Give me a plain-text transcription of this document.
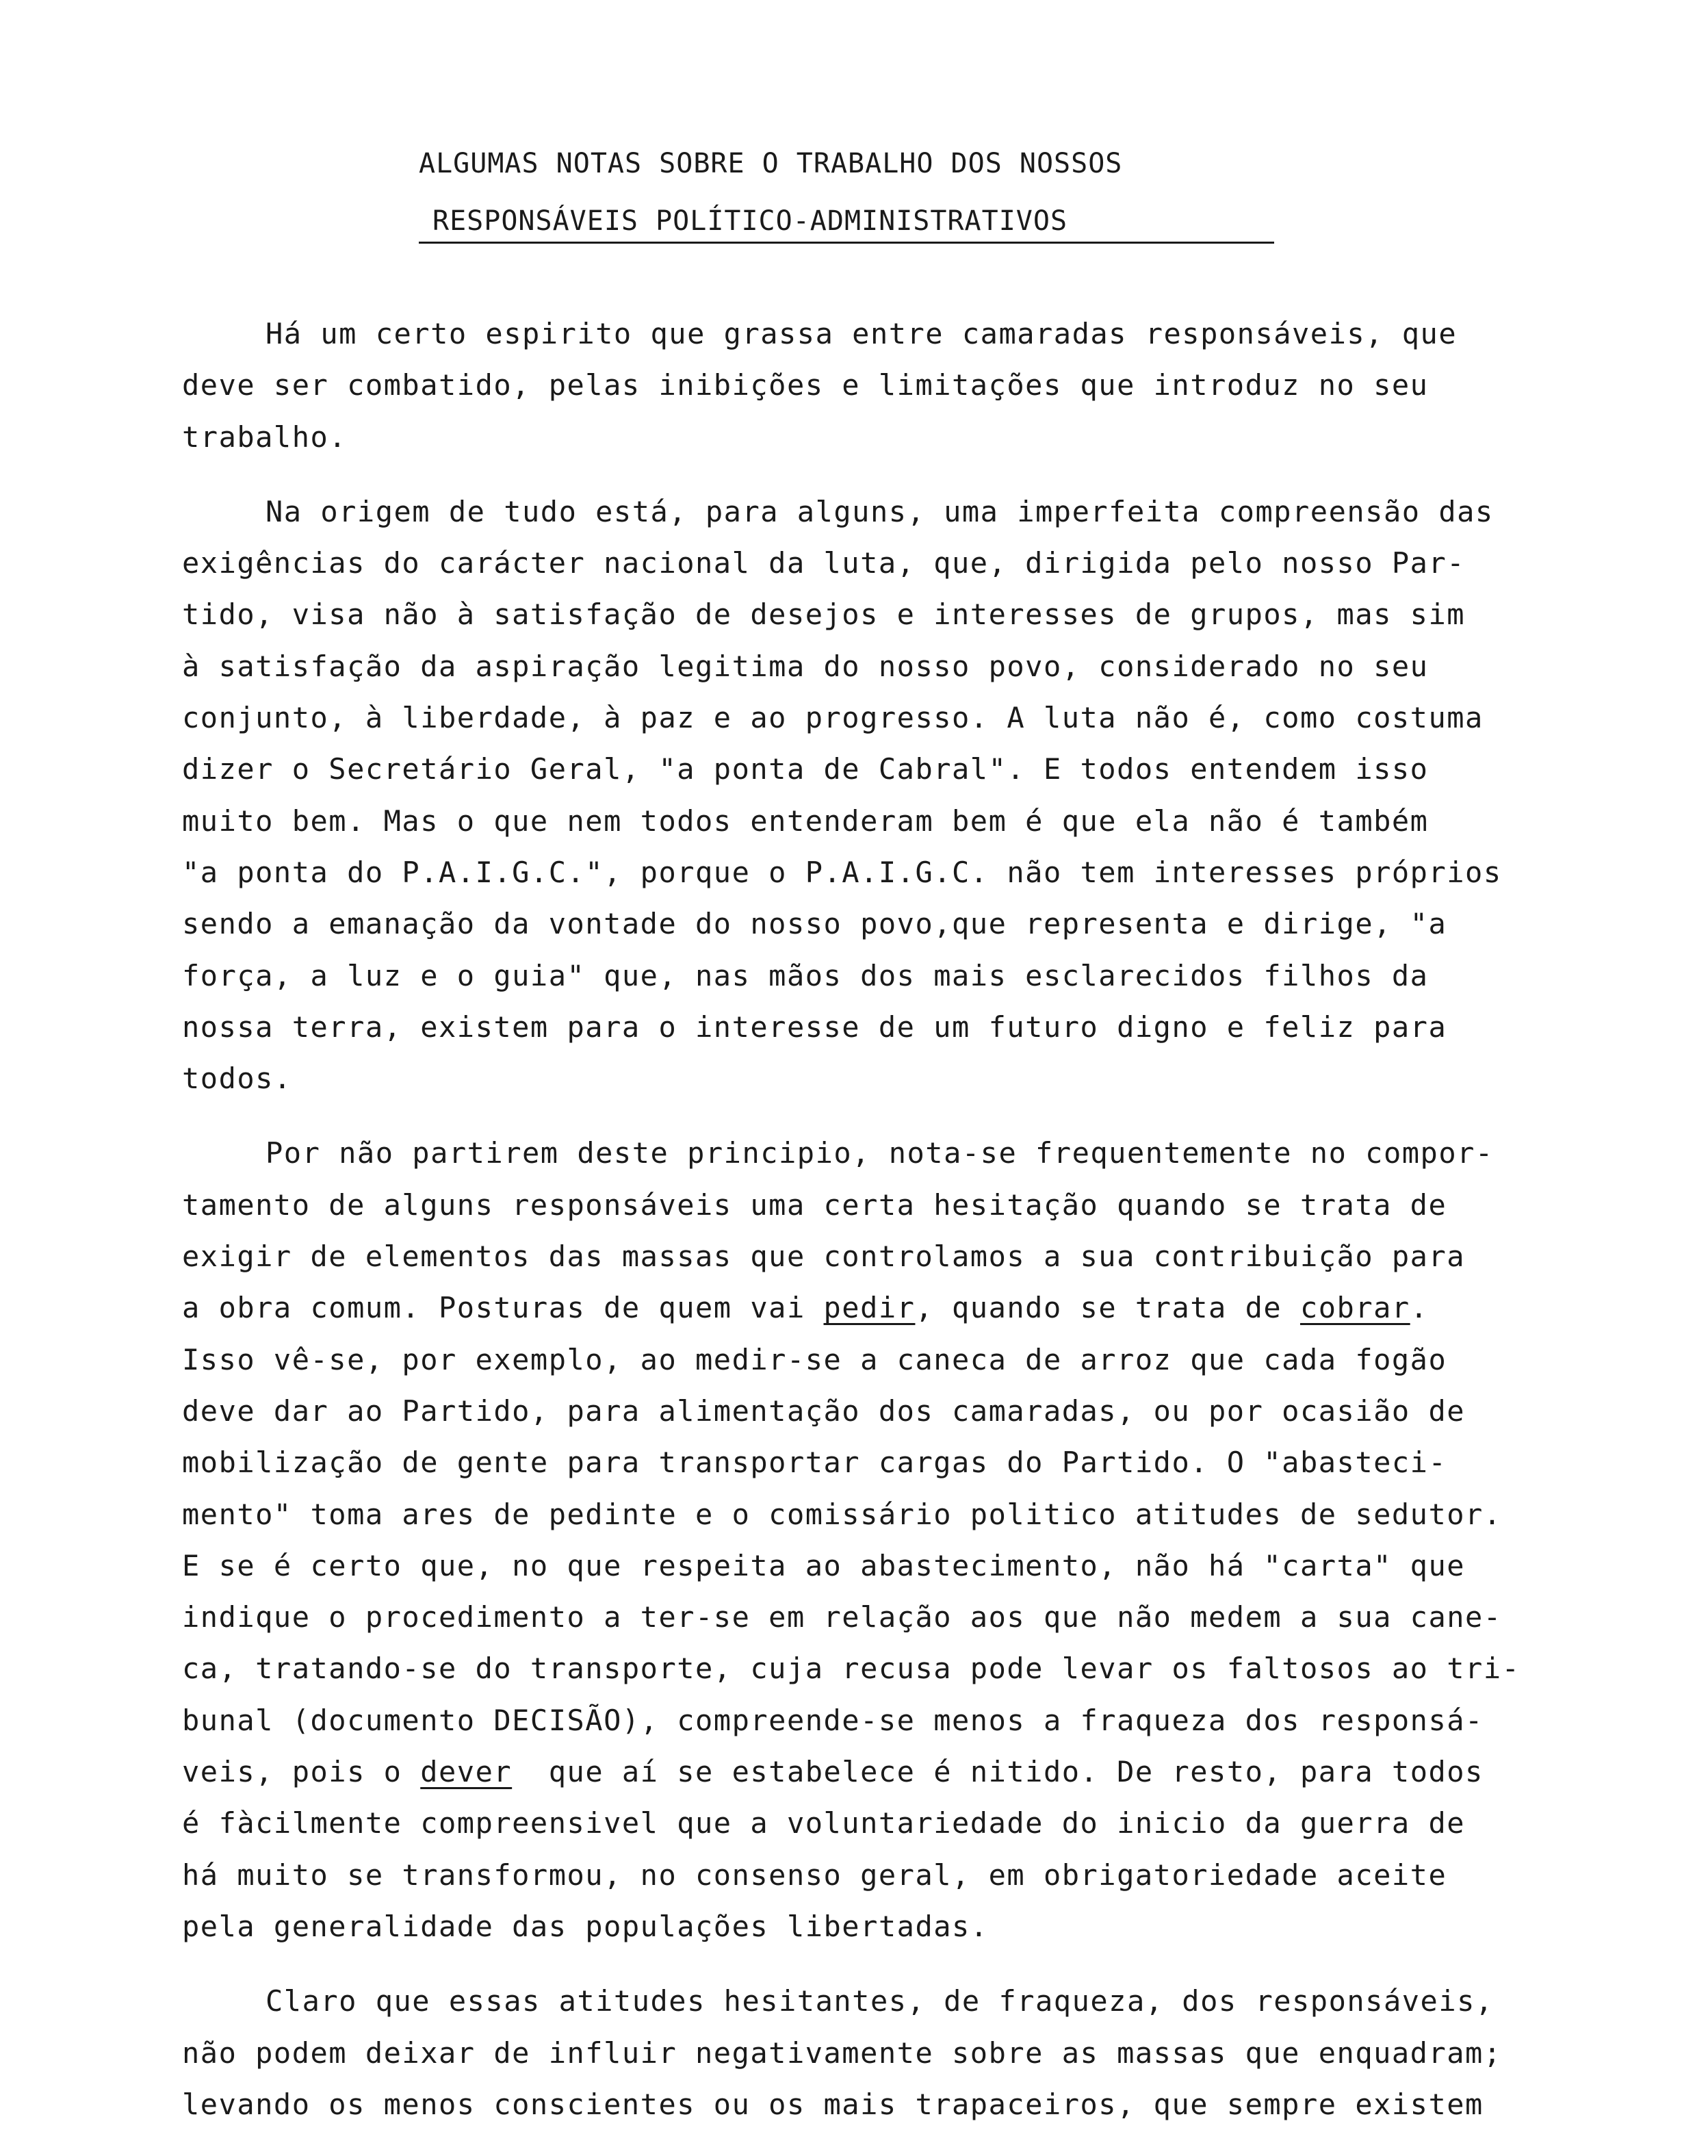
ALGUMAS NOTAS SOBRE O TRABALHO DOS NOSSOS
RESPONSÁVEIS POLÍTICO-ADMINISTRATIVOS
Há um certo espirito que grassa entre camaradas responsáveis, que
deve ser combatido, pelas inibições e limitações que introduz no seu
trabalho.
Na origem de tudo está, para alguns, uma imperfeita compreensão das
exigências do carácter nacional da luta, que, dirigida pelo nosso Par-
tido, visa não à satisfação de desejos e interesses de grupos, mas sim
à satisfação da aspiração legitima do nosso povo, considerado no seu
conjunto, à liberdade, à paz e ao progresso. A luta não é, como costuma
dizer o Secretário Geral, "a ponta de Cabral". E todos entendem isso
muito bem. Mas o que nem todos entenderam bem é que ela não é também
"a ponta do P.A.I.G.C.", porque o P.A.I.G.C. não tem interesses próprios
sendo a emanação da vontade do nosso povo,que representa e dirige, "a
força, a luz e o guia" que, nas mãos dos mais esclarecidos filhos da
nossa terra, existem para o interesse de um futuro digno e feliz para
todos.
Por não partirem deste principio, nota-se frequentemente no compor-
tamento de alguns responsáveis uma certa hesitação quando se trata de
exigir de elementos das massas que controlamos a sua contribuição para
a obra comum. Posturas de quem vai pedir, quando se trata de cobrar.
Isso vê-se, por exemplo, ao medir-se a caneca de arroz que cada fogão
deve dar ao Partido, para alimentação dos camaradas, ou por ocasião de
mobilização de gente para transportar cargas do Partido. O "abasteci-
mento" toma ares de pedinte e o comissário politico atitudes de sedutor.
E se é certo que, no que respeita ao abastecimento, não há "carta" que
indique o procedimento a ter-se em relação aos que não medem a sua cane-
ca, tratando-se do transporte, cuja recusa pode levar os faltosos ao tri-
bunal (documento DECISÃO), compreende-se menos a fraqueza dos responsá-
veis, pois o dever  que aí se estabelece é nitido. De resto, para todos
é fàcilmente compreensivel que a voluntariedade do inicio da guerra de
há muito se transformou, no consenso geral, em obrigatoriedade aceite
pela generalidade das populações libertadas.
Claro que essas atitudes hesitantes, de fraqueza, dos responsáveis,
não podem deixar de influir negativamente sobre as massas que enquadram;
levando os menos conscientes ou os mais trapaceiros, que sempre existem
